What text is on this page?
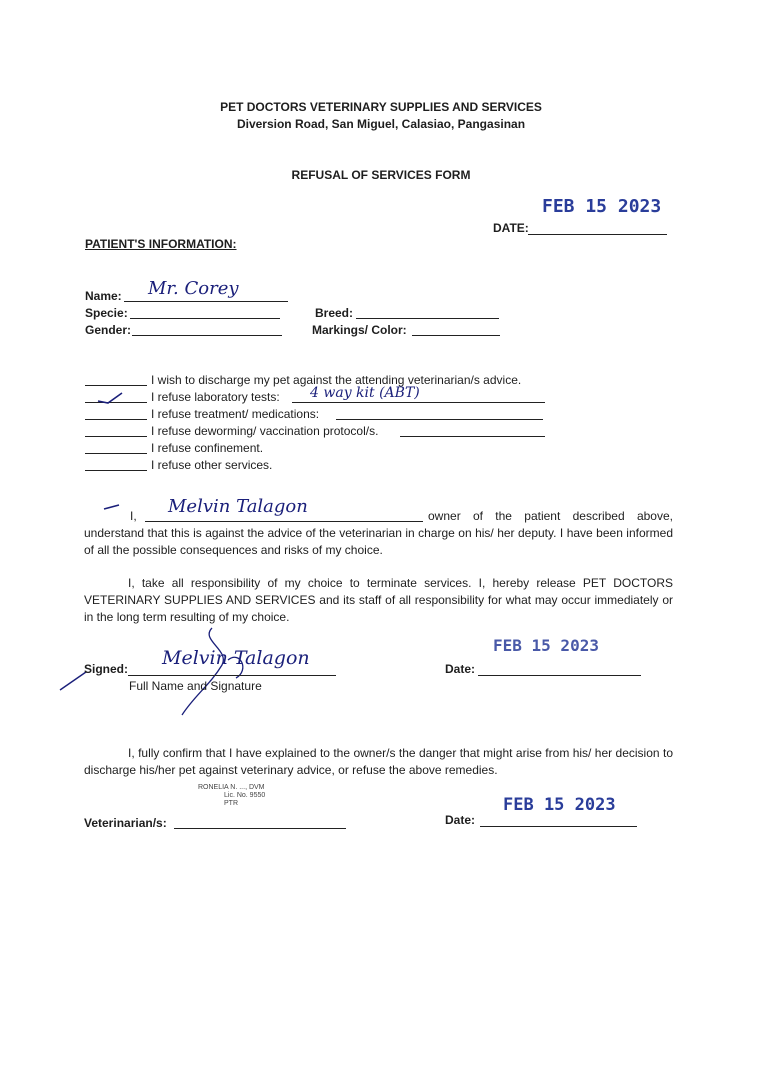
PET DOCTORS VETERINARY SUPPLIES AND SERVICES
Diversion Road, San Miguel, Calasiao, Pangasinan
REFUSAL OF SERVICES FORM
FEB 15 2023
DATE:
PATIENT'S INFORMATION:
Name: Mr. Corey
Specie:	Breed:
Gender:	Markings/ Color:
I wish to discharge my pet against the attending veterinarian/s advice.
I refuse laboratory tests: 4 way kit (ABT)
I refuse treatment/ medications:
I refuse deworming/ vaccination protocol/s.
I refuse confinement.
I refuse other services.
I, Melvin Talagon	owner of the patient described above,

understand that this is against the advice of the veterinarian in charge on his/ her deputy. I have been informed of all the possible consequences and risks of my choice.

I, take all responsibility of my choice to terminate services. I, hereby release PET DOCTORS VETERINARY SUPPLIES AND SERVICES and its staff of all responsibility for what may occur immediately or in the long term resulting of my choice.

Signed: Melvin Talagon
Full Name and Signature
FEB 15 2023
Date:

I, fully confirm that I have explained to the owner/s the danger that might arise from his/ her decision to discharge his/her pet against veterinary advice, or refuse the above remedies.

RONELIA N. ..., DVM
Lic. No. 9550
PTR
Veterinarian/s:
FEB 15 2023
Date:
